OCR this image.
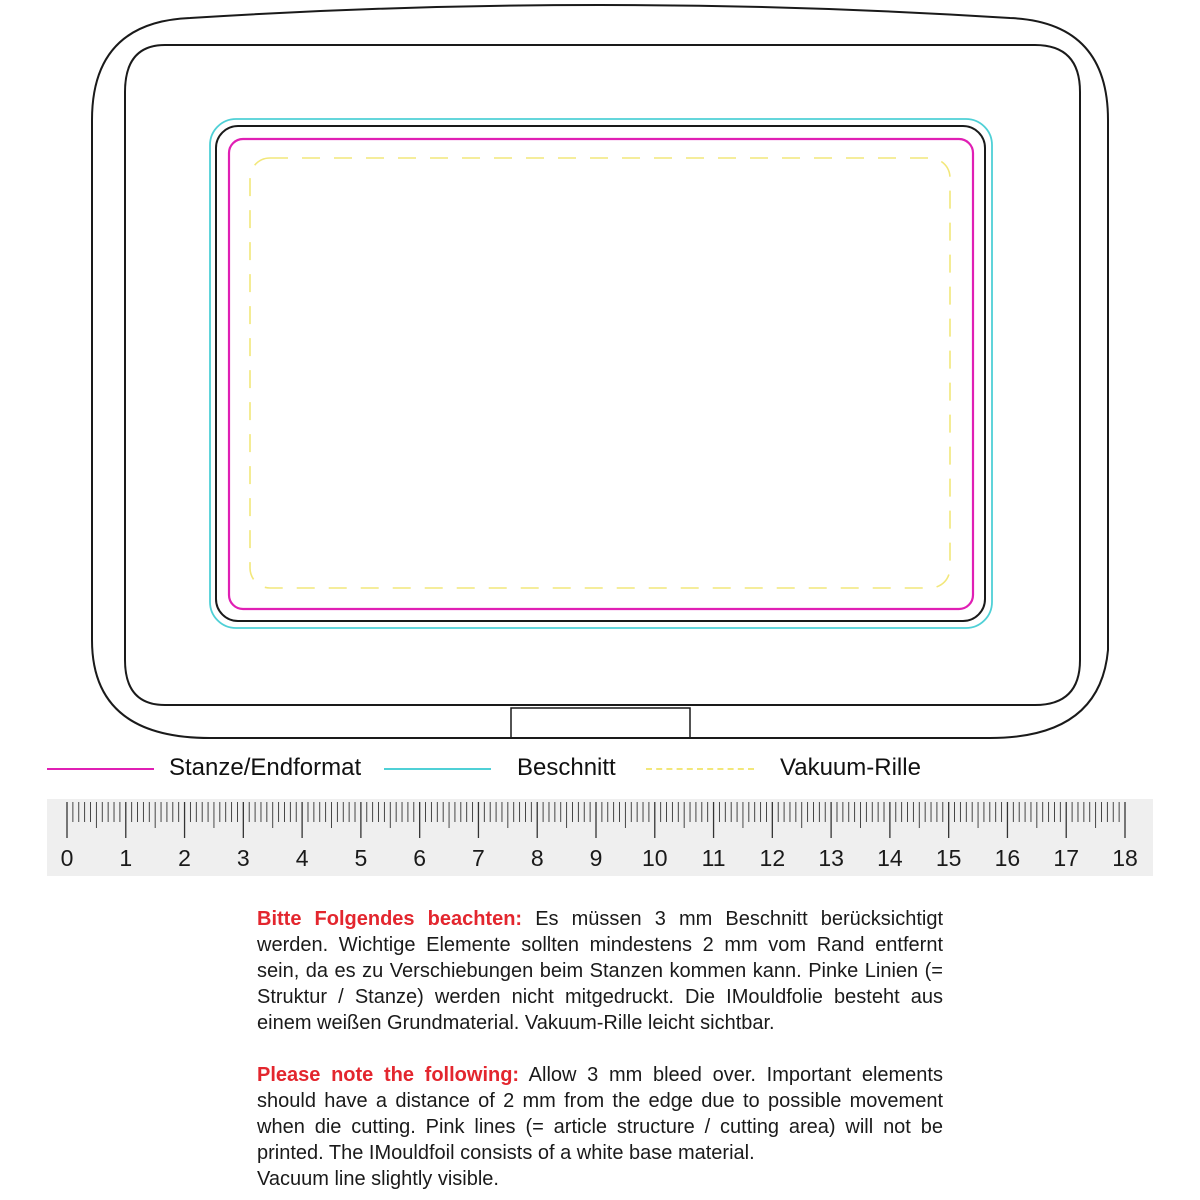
Stanze/Endformat	Beschnitt	Vakuum-Rille
0 1 2 3 4 5 6 7 8 9 10 11 12 13 14 15 16 17 18

Bitte Folgendes beachten: Es müssen 3 mm Beschnitt berücksichtigt werden. Wichtige Elemente sollten mindestens 2 mm vom Rand entfernt sein, da es zu Verschiebungen beim Stanzen kommen kann. Pinke Linien (= Struktur / Stanze) werden nicht mitgedruckt. Die IMouldfolie besteht aus einem weißen Grundmaterial. Vakuum-Rille leicht sichtbar.

Please note the following: Allow 3 mm bleed over. Important elements should have a distance of 2 mm from the edge due to possible movement when die cutting. Pink lines (= article structure / cutting area) will not be printed. The IMouldfoil consists of a white base material.

Vacuum line slightly visible.
